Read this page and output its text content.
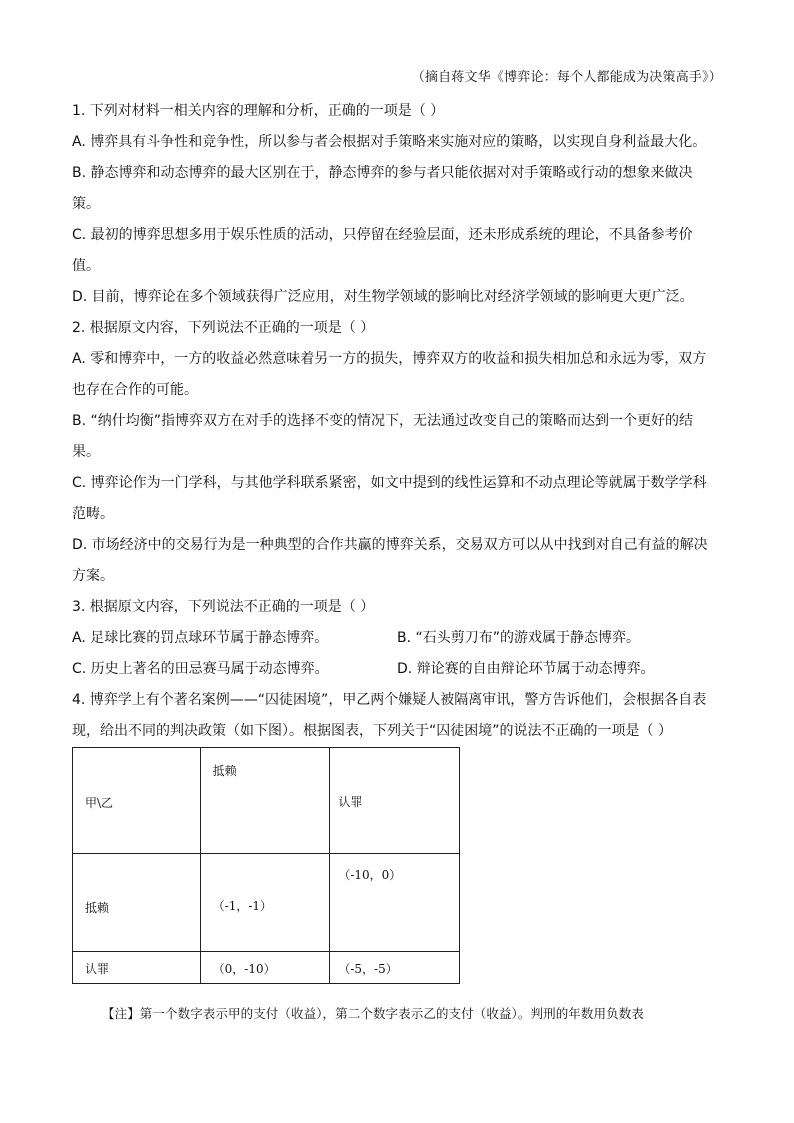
（摘自蒋文华《博弈论：每个人都能成为决策高手》）
1. 下列对材料一相关内容的理解和分析，正确的一项是（ ）
A. 博弈具有斗争性和竞争性，所以参与者会根据对手策略来实施对应的策略，以实现自身利益最大化。
B. 静态博弈和动态博弈的最大区别在于，静态博弈的参与者只能依据对对手策略或行动的想象来做决
策。
C. 最初的博弈思想多用于娱乐性质的活动，只停留在经验层面，还未形成系统的理论，不具备参考价
值。
D. 目前，博弈论在多个领域获得广泛应用，对生物学领域的影响比对经济学领域的影响更大更广泛。
2. 根据原文内容，下列说法不正确的一项是（ ）
A. 零和博弈中，一方的收益必然意味着另一方的损失，博弈双方的收益和损失相加总和永远为零，双方
也存在合作的可能。
B. “纳什均衡”指博弈双方在对手的选择不变的情况下，无法通过改变自己的策略而达到一个更好的结
果。
C. 博弈论作为一门学科，与其他学科联系紧密，如文中提到的线性运算和不动点理论等就属于数学学科
范畴。
D. 市场经济中的交易行为是一种典型的合作共赢的博弈关系，交易双方可以从中找到对自己有益的解决
方案。
3. 根据原文内容，下列说法不正确的一项是（ ）
A. 足球比赛的罚点球环节属于静态博弈。	B. “石头剪刀布”的游戏属于静态博弈。
C. 历史上著名的田忌赛马属于动态博弈。	D. 辩论赛的自由辩论环节属于动态博弈。
4. 博弈学上有个著名案例——“囚徒困境”，甲乙两个嫌疑人被隔离审讯，警方告诉他们，会根据各自表
现，给出不同的判决政策（如下图）。根据图表，下列关于“囚徒困境”的说法不正确的一项是（ ）
甲\乙	抵赖	认罪

抵赖	（-1，-1）	（-10，0）

认罪	（0，-10）	（-5，-5）
【注】第一个数字表示甲的支付（收益），第二个数字表示乙的支付（收益）。判刑的年数用负数表
